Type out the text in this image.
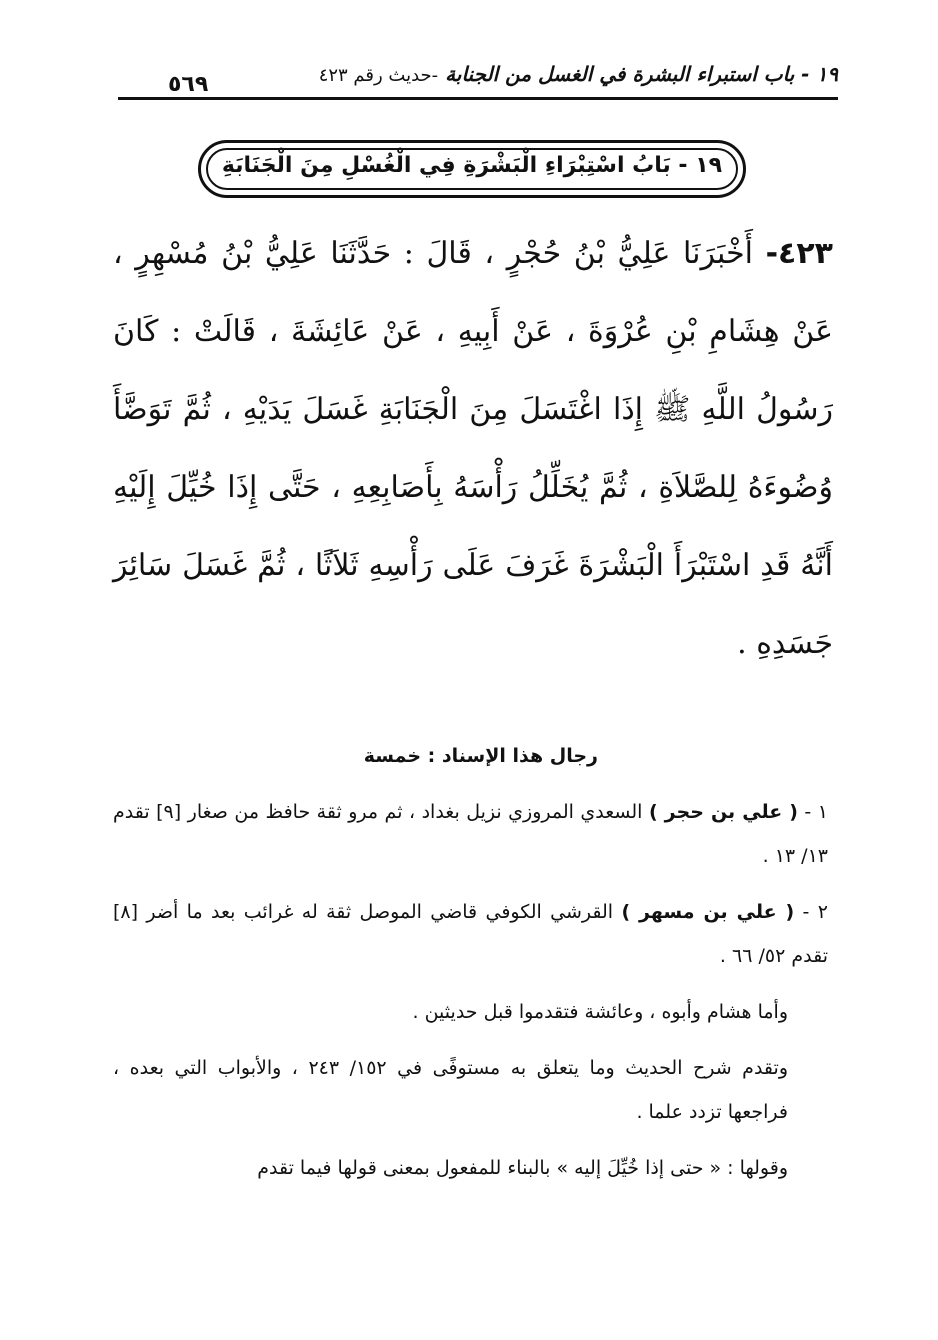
١٩ - باب استبراء البشرة في الغسل من الجنابة -حديث رقم ٤٢٣
٥٦٩
١٩ - بَابُ اسْتِبْرَاءِ الْبَشْرَةِ فِي الْغُسْلِ مِنَ الْجَنَابَةِ
٤٢٣- أَخْبَرَنَا عَلِيُّ بْنُ حُجْرٍ ، قَالَ : حَدَّثَنَا عَلِيُّ بْنُ مُسْهِرٍ ، عَنْ هِشَامِ بْنِ عُرْوَةَ ، عَنْ أَبِيهِ ، عَنْ عَائِشَةَ ، قَالَتْ : كَانَ رَسُولُ اللَّهِ ﷺ إِذَا اغْتَسَلَ مِنَ الْجَنَابَةِ غَسَلَ يَدَيْهِ ، ثُمَّ تَوَضَّأَ وُضُوءَهُ لِلصَّلاَةِ ، ثُمَّ يُخَلِّلُ رَأْسَهُ بِأَصَابِعِهِ ، حَتَّى إِذَا خُيِّلَ إِلَيْهِ أَنَّهُ قَدِ اسْتَبْرَأَ الْبَشْرَةَ غَرَفَ عَلَى رَأْسِهِ ثَلاَثًا ، ثُمَّ غَسَلَ سَائِرَ جَسَدِهِ .
رجال هذا الإسناد : خمسة

١ - ( علي بن حجر ) السعدي المروزي نزيل بغداد ، ثم مرو ثقة حافظ من صغار [٩] تقدم ١٣/ ١٣ .

٢ - ( علي بن مسهر ) القرشي الكوفي قاضي الموصل ثقة له غرائب بعد ما أضر [٨] تقدم ٥٢/ ٦٦ .

وأما هشام وأبوه ، وعائشة فتقدموا قبل حديثين .

وتقدم شرح الحديث وما يتعلق به مستوفًى في ١٥٢/ ٢٤٣ ، والأبواب التي بعده ، فراجعها تزدد علما .

وقولها : « حتى إذا خُيِّلَ إليه » بالبناء للمفعول بمعنى قولها فيما تقدم
